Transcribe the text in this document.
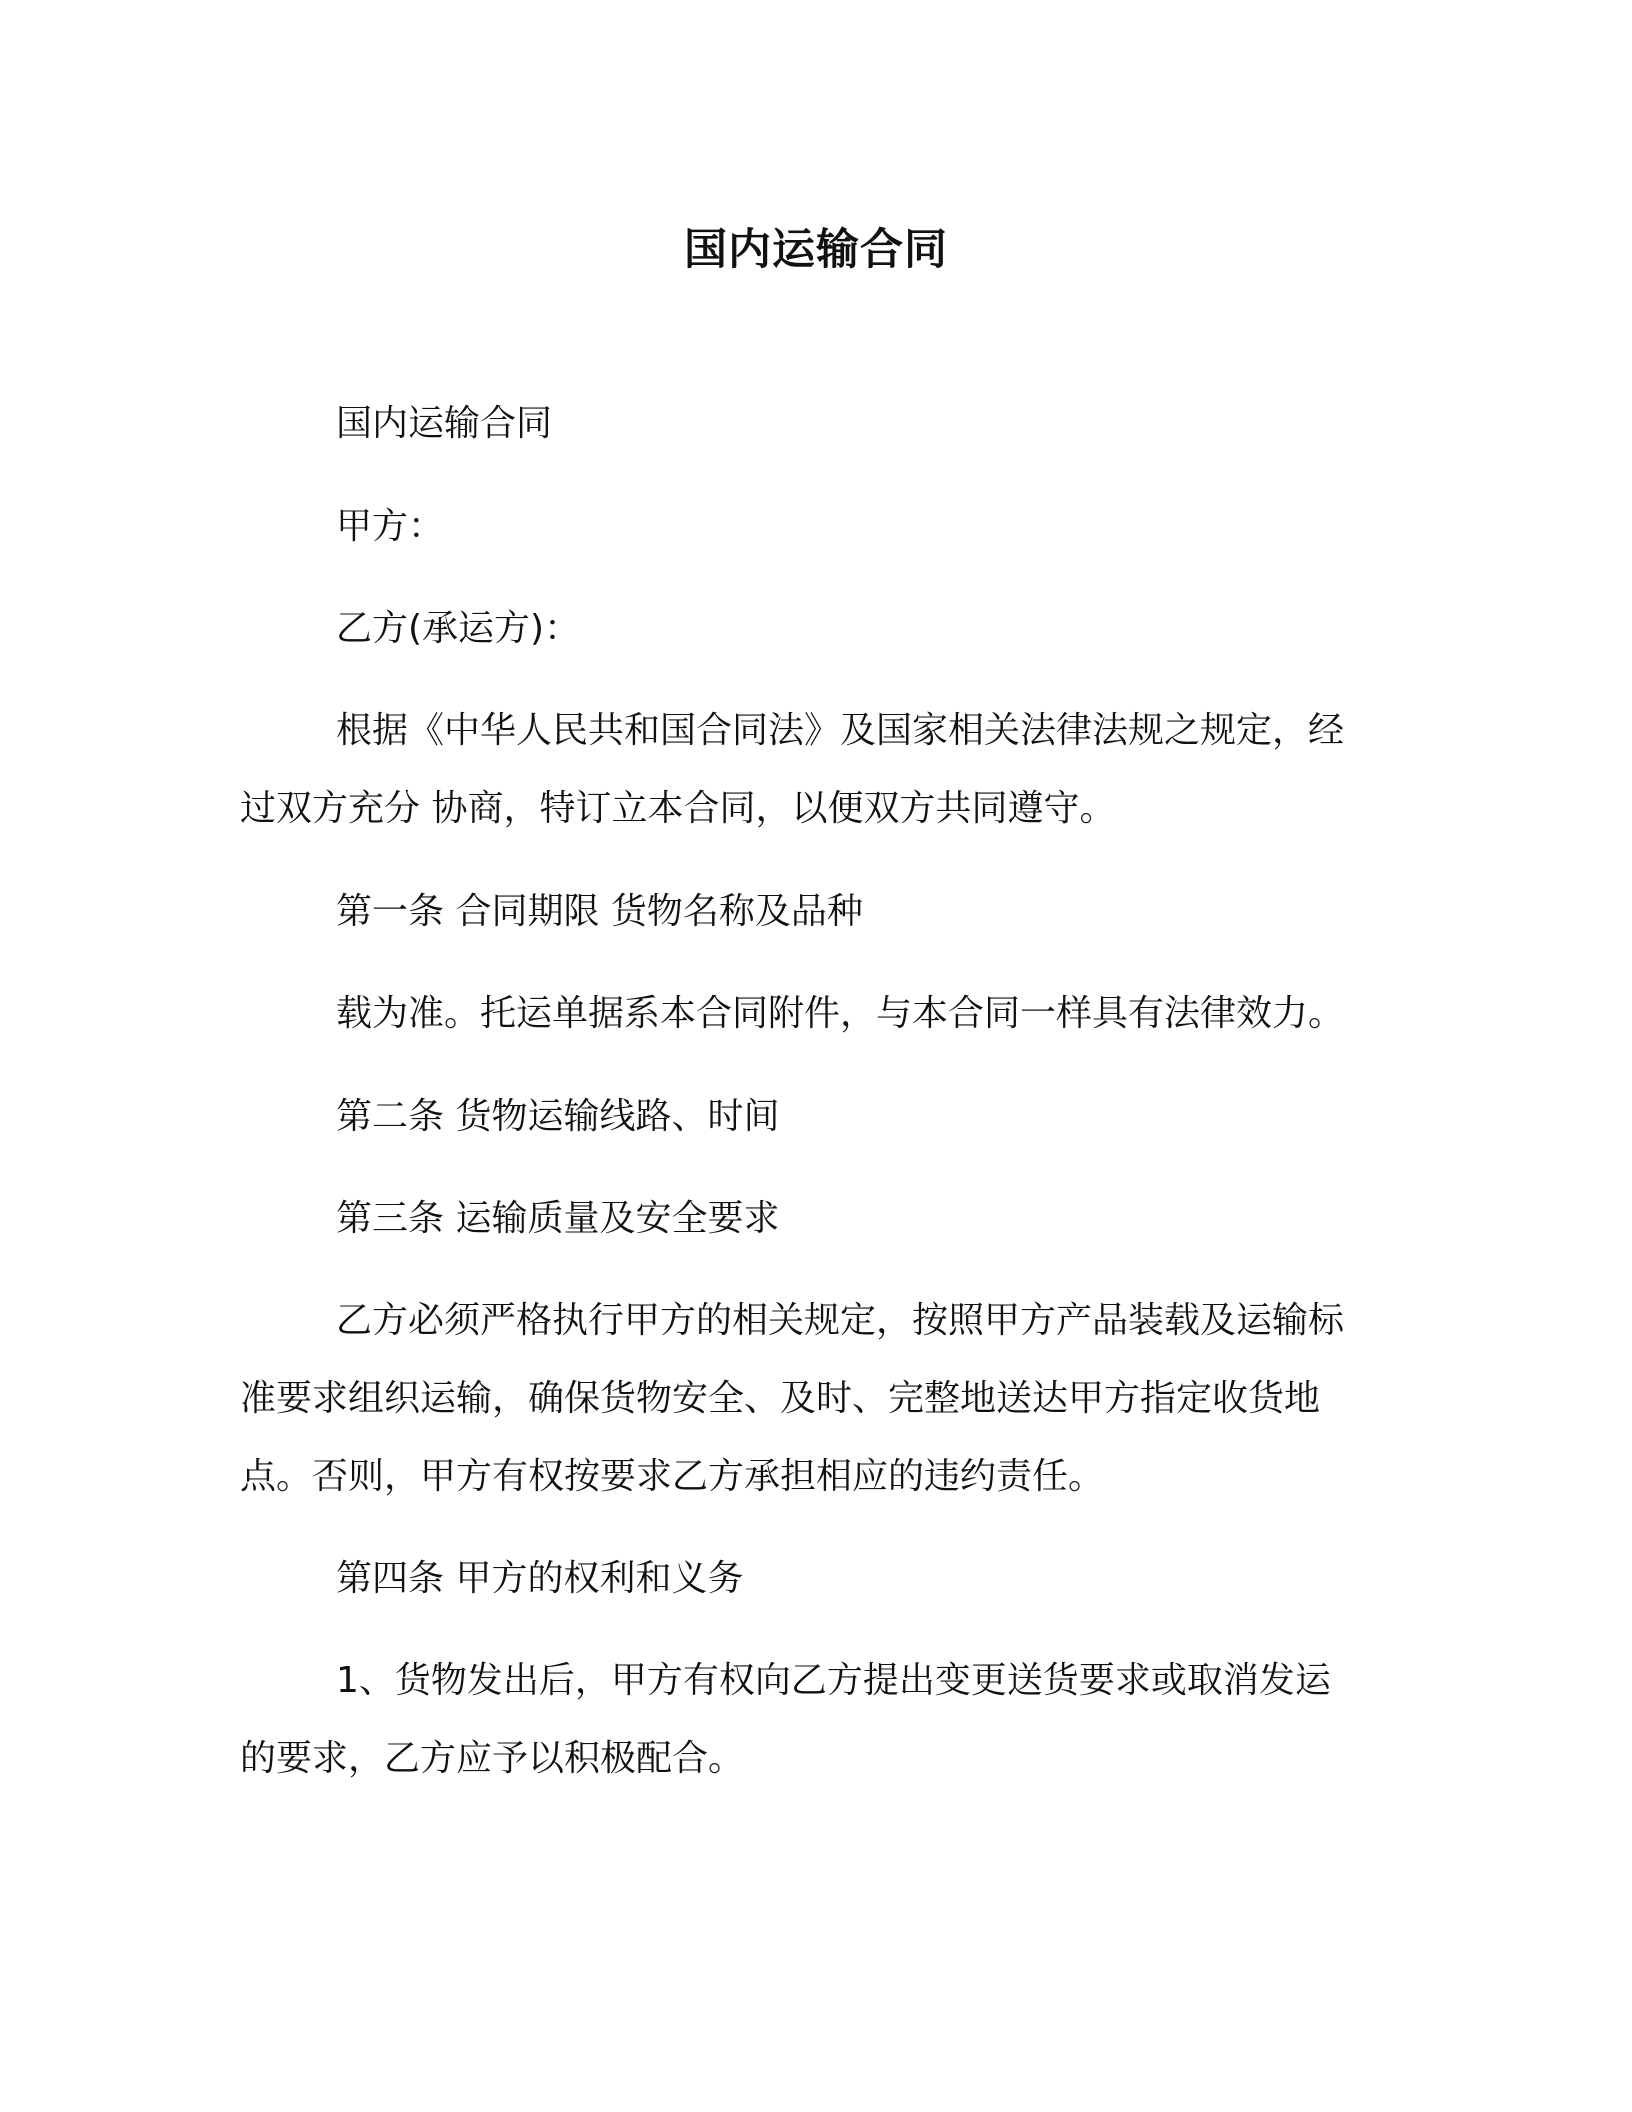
国内运输合同

国内运输合同

甲方：

乙方(承运方)：

根据《中华人民共和国合同法》及国家相关法律法规之规定，经
过双方充分 协商，特订立本合同，以便双方共同遵守。

第一条 合同期限 货物名称及品种

载为准。托运单据系本合同附件，与本合同一样具有法律效力。

第二条 货物运输线路、时间

第三条 运输质量及安全要求

乙方必须严格执行甲方的相关规定，按照甲方产品装载及运输标
准要求组织运输，确保货物安全、及时、完整地送达甲方指定收货地
点。否则，甲方有权按要求乙方承担相应的违约责任。

第四条 甲方的权利和义务

1、货物发出后，甲方有权向乙方提出变更送货要求或取消发运
的要求，乙方应予以积极配合。
